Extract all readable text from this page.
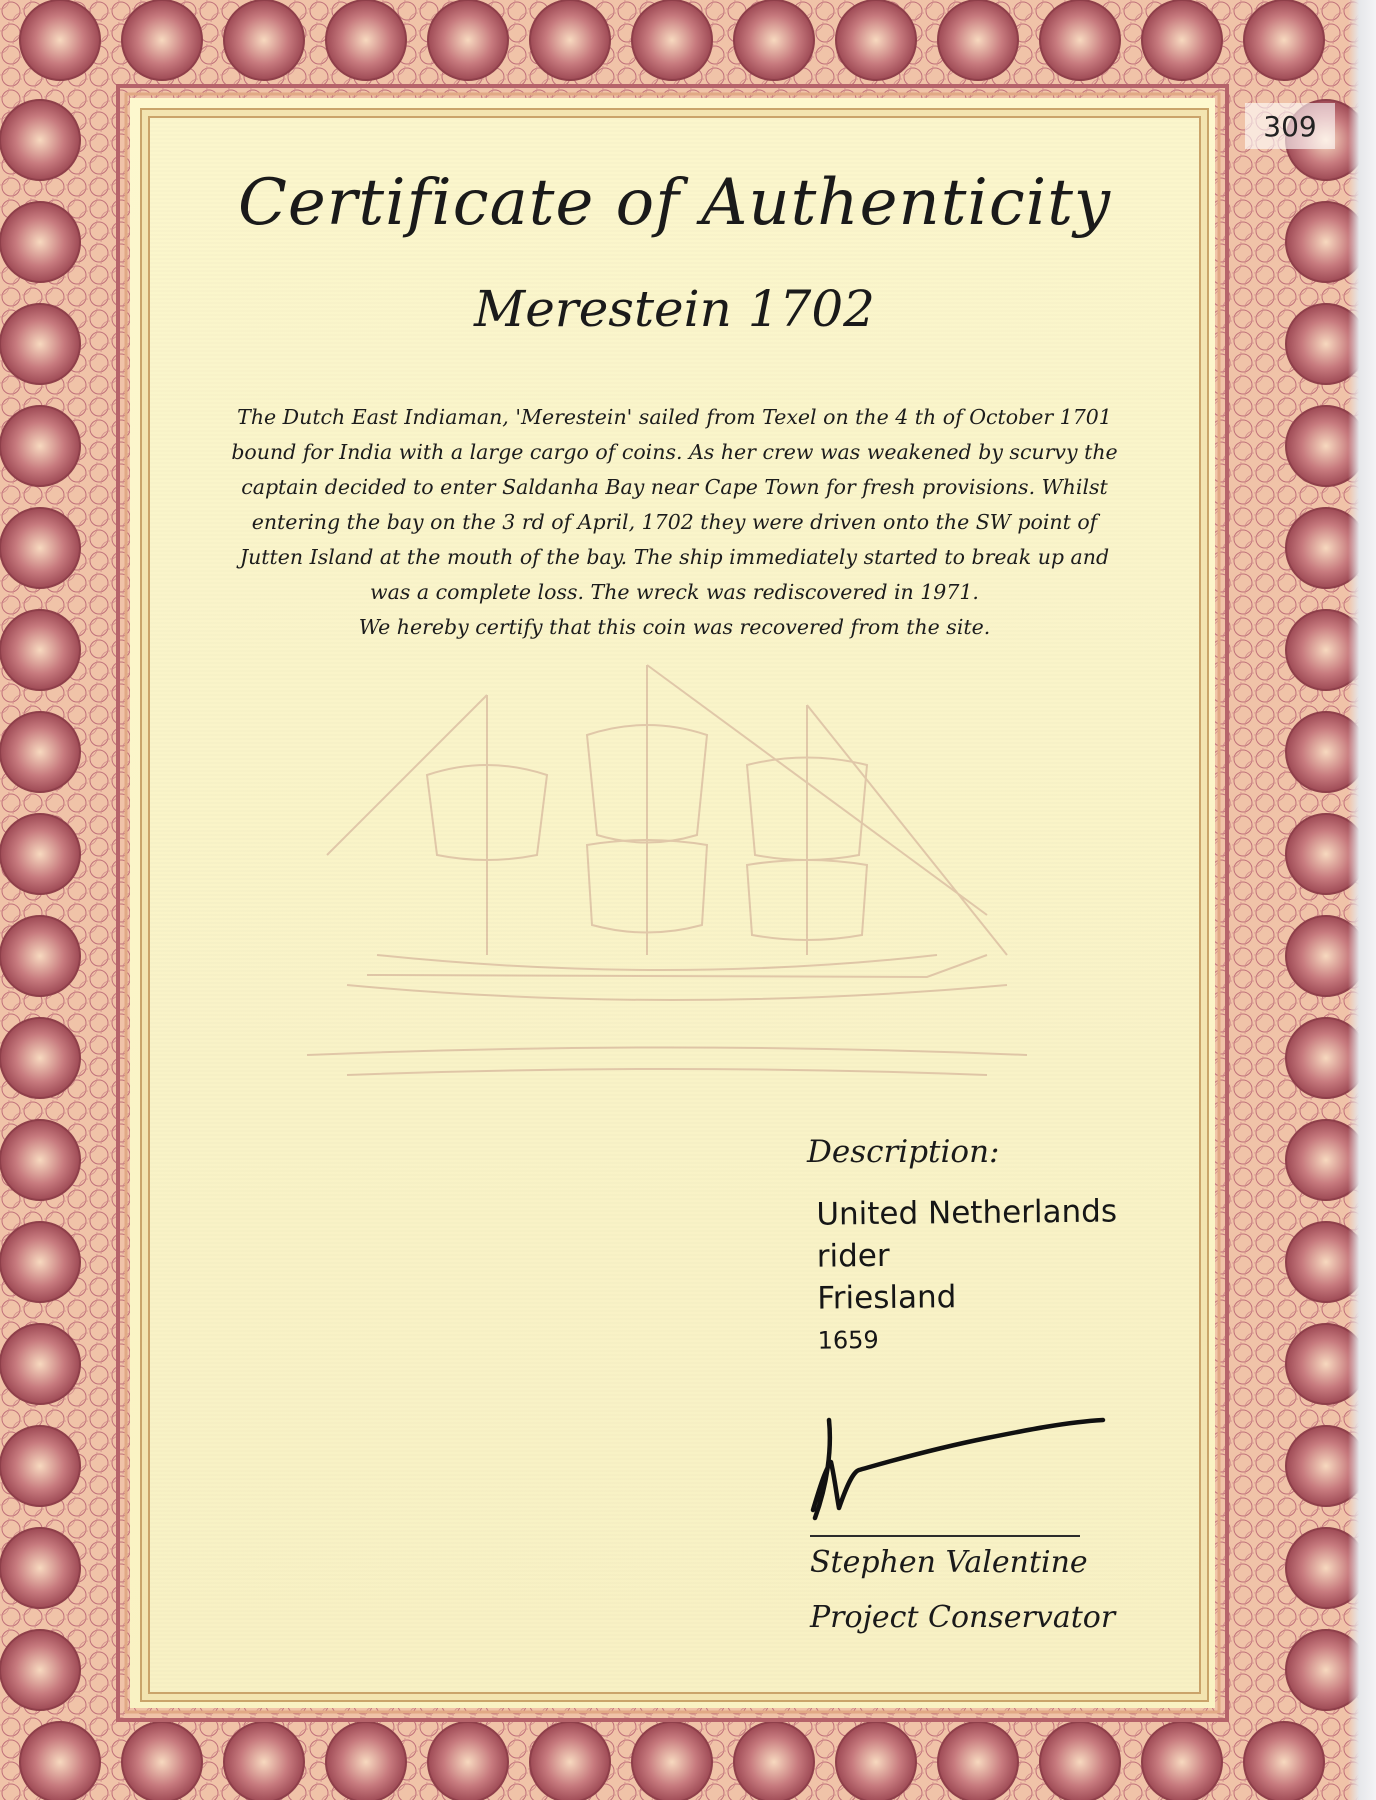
Certificate of Authenticity
Merestein 1702

The Dutch East Indiaman, 'Merestein' sailed from Texel on the 4 th of October 1701

bound for India with a large cargo of coins. As her crew was weakened by scurvy the

captain decided to enter Saldanha Bay near Cape Town for fresh provisions. Whilst

entering the bay on the 3 rd of April, 1702 they were driven onto the SW point of

Jutten Island at the mouth of the bay. The ship immediately started to break up and

was a complete loss. The wreck was rediscovered in 1971.

We hereby certify that this coin was recovered from the site.

Description:
United Netherlands
rider
Friesland
1659
Stephen Valentine
Project Conservator
309
